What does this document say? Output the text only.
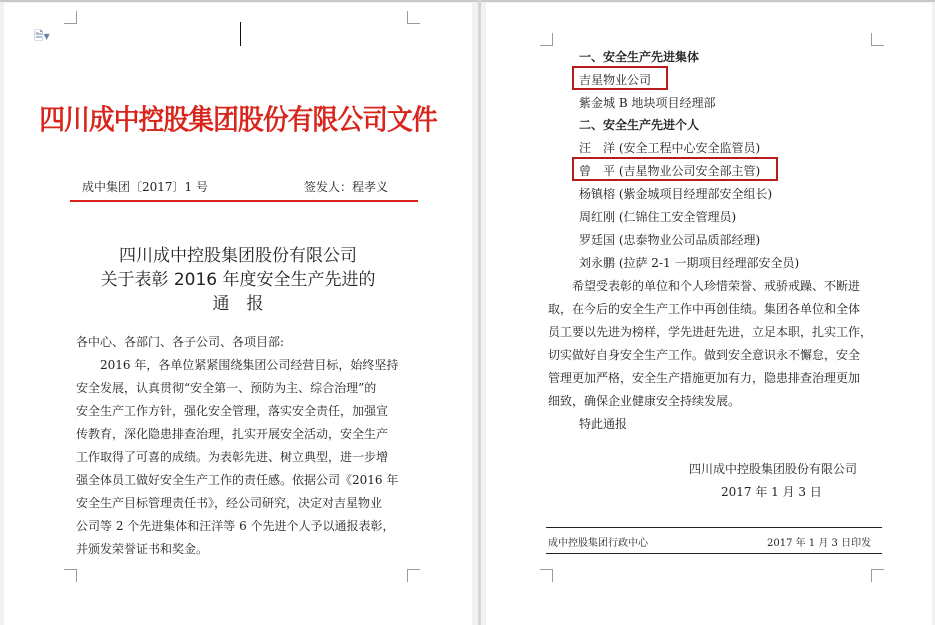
🗎▾
四川成中控股集团股份有限公司文件
成中集团〔2017〕1 号	签发人：程孝义
四川成中控股集团股份有限公司
关于表彰 2016 年度安全生产先进的
通　报
各中心、各部门、各子公司、各项目部:
　　2016 年，各单位紧紧围绕集团公司经营目标，始终坚持
安全发展，认真贯彻“安全第一、预防为主、综合治理”的
安全生产工作方针，强化安全管理，落实安全责任，加强宣
传教育，深化隐患排查治理，扎实开展安全活动，安全生产
工作取得了可喜的成绩。为表彰先进、树立典型，进一步增
强全体员工做好安全生产工作的责任感。依据公司《2016 年
安全生产目标管理责任书》，经公司研究，决定对吉星物业
公司等 2 个先进集体和汪洋等 6 个先进个人予以通报表彰，
并颁发荣誉证书和奖金。
一、安全生产先进集体
吉星物业公司
紫金城 B 地块项目经理部
二、安全生产先进个人
汪　洋 (安全工程中心安全监管员)
曾　平 (吉星物业公司安全部主管)
杨镇榕 (紫金城项目经理部安全组长)
周红刚 (仁锦住工安全管理员)
罗廷国 (忠泰物业公司品质部经理)
刘永鹏 (拉萨 2-1 一期项目经理部安全员)
　　希望受表彰的单位和个人珍惜荣誉、戒骄戒躁、不断进
取，在今后的安全生产工作中再创佳绩。集团各单位和全体
员工要以先进为榜样，学先进赶先进，立足本职，扎实工作，
切实做好自身安全生产工作。做到安全意识永不懈怠，安全
管理更加严格，安全生产措施更加有力，隐患排查治理更加
细致，确保企业健康安全持续发展。
特此通报
四川成中控股集团股份有限公司
2017 年 1 月 3 日
成中控股集团行政中心	2017 年 1 月 3 日印发
